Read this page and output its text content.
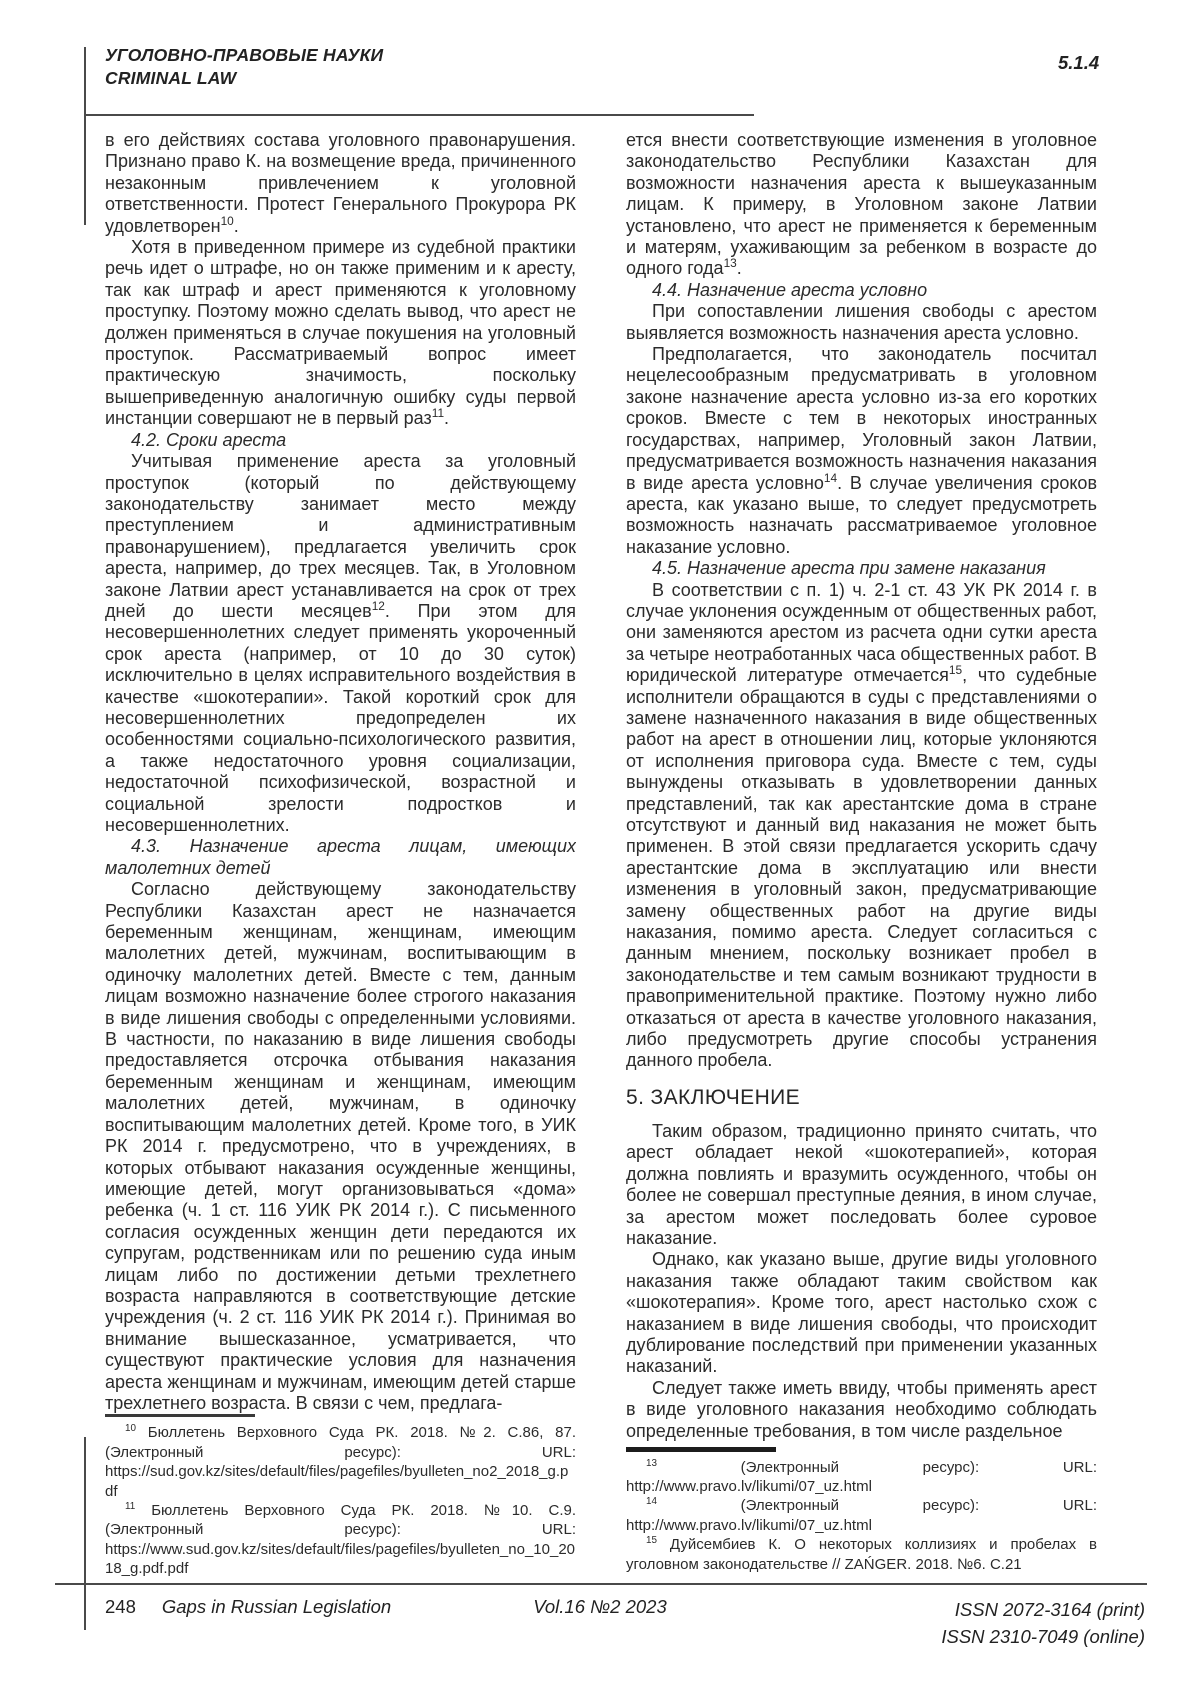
УГОЛОВНО-ПРАВОВЫЕ НАУКИ
CRIMINAL LAW
5.1.4

в его действиях состава уголовного правонарушения. Признано право К. на возмещение вреда, причиненного незаконным привлечением к уголовной ответственности. Протест Генерального Прокурора РК удовлетворен$^{10}$.

Хотя в приведенном примере из судебной практики речь идет о штрафе, но он также применим и к аресту, так как штраф и арест применяются к уголовному проступку. Поэтому можно сделать вывод, что арест не должен применяться в случае покушения на уголовный проступок. Рассматриваемый вопрос имеет практическую значимость, поскольку вышеприведенную аналогичную ошибку суды первой инстанции совершают не в первый раз$^{11}$.

4.2. Сроки ареста

Учитывая применение ареста за уголовный проступок (который по действующему законодательству занимает место между преступлением и административным правонарушением), предлагается увеличить срок ареста, например, до трех месяцев. Так, в Уголовном законе Латвии арест устанавливается на срок от трех дней до шести месяцев$^{12}$. При этом для несовершеннолетних следует применять укороченный срок ареста (например, от 10 до 30 суток) исключительно в целях исправительного воздействия в качестве «шокотерапии». Такой короткий срок для несовершеннолетних предопределен их особенностями социально-психологического развития, а также недостаточного уровня социализации, недостаточной психофизической, возрастной и социальной зрелости подростков и несовершеннолетних.

4.3. Назначение ареста лицам, имеющих малолетних детей

Согласно действующему законодательству Республики Казахстан арест не назначается беременным женщинам, женщинам, имеющим малолетних детей, мужчинам, воспитывающим в одиночку малолетних детей. Вместе с тем, данным лицам возможно назначение более строгого наказания в виде лишения свободы с определенными условиями. В частности, по наказанию в виде лишения свободы предоставляется отсрочка отбывания наказания беременным женщинам и женщинам, имеющим малолетних детей, мужчинам, в одиночку воспитывающим малолетних детей. Кроме того, в УИК РК 2014 г. предусмотрено, что в учреждениях, в которых отбывают наказания осужденные женщины, имеющие детей, могут организовываться «дома» ребенка (ч. 1 ст. 116 УИК РК 2014 г.). С письменного согласия осужденных женщин дети передаются их супругам, родственникам или по решению суда иным лицам либо по достижении детьми трехлетнего возраста направляются в соответствующие детские учреждения (ч. 2 ст. 116 УИК РК 2014 г.). Принимая во внимание вышесказанное, усматривается, что существуют практические условия для назначения ареста женщинам и мужчинам, имеющим детей старше трехлетнего возраста. В связи с чем, предлага-

$^{10}$ Бюллетень Верховного Суда РК. 2018. №2. С.86, 87. (Электронный ресурс): URL: https://sud.gov.kz/sites/default/files/pagefiles/byulleten_no2_2018_g.pdf

$^{11}$ Бюллетень Верховного Суда РК. 2018. №10. С.9. (Электронный ресурс): URL: https://www.sud.gov.kz/sites/default/files/pagefiles/byulleten_no_10_2018_g.pdf.pdf

ется внести соответствующие изменения в уголовное законодательство Республики Казахстан для возможности назначения ареста к вышеуказанным лицам. К примеру, в Уголовном законе Латвии установлено, что арест не применяется к беременным и матерям, ухаживающим за ребенком в возрасте до одного года$^{13}$.

4.4. Назначение ареста условно

При сопоставлении лишения свободы с арестом выявляется возможность назначения ареста условно.

Предполагается, что законодатель посчитал нецелесообразным предусматривать в уголовном законе назначение ареста условно из-за его коротких сроков. Вместе с тем в некоторых иностранных государствах, например, Уголовный закон Латвии, предусматривается возможность назначения наказания в виде ареста условно$^{14}$. В случае увеличения сроков ареста, как указано выше, то следует предусмотреть возможность назначать рассматриваемое уголовное наказание условно.

4.5. Назначение ареста при замене наказания

В соответствии с п. 1) ч. 2-1 ст. 43 УК РК 2014 г. в случае уклонения осужденным от общественных работ, они заменяются арестом из расчета одни сутки ареста за четыре неотработанных часа общественных работ. В юридической литературе отмечается$^{15}$, что судебные исполнители обращаются в суды с представлениями о замене назначенного наказания в виде общественных работ на арест в отношении лиц, которые уклоняются от исполнения приговора суда. Вместе с тем, суды вынуждены отказывать в удовлетворении данных представлений, так как арестантские дома в стране отсутствуют и данный вид наказания не может быть применен. В этой связи предлагается ускорить сдачу арестантские дома в эксплуатацию или внести изменения в уголовный закон, предусматривающие замену общественных работ на другие виды наказания, помимо ареста. Следует согласиться с данным мнением, поскольку возникает пробел в законодательстве и тем самым возникают трудности в правоприменительной практике. Поэтому нужно либо отказаться от ареста в качестве уголовного наказания, либо предусмотреть другие способы устранения данного пробела.

5. ЗАКЛЮЧЕНИЕ

Таким образом, традиционно принято считать, что арест обладает некой «шокотерапией», которая должна повлиять и вразумить осужденного, чтобы он более не совершал преступные деяния, в ином случае, за арестом может последовать более суровое наказание.

Однако, как указано выше, другие виды уголовного наказания также обладают таким свойством как «шокотерапия». Кроме того, арест настолько схож с наказанием в виде лишения свободы, что происходит дублирование последствий при применении указанных наказаний.

Следует также иметь ввиду, чтобы применять арест в виде уголовного наказания необходимо соблюдать определенные требования, в том числе раздельное

$^{13}$ (Электронный ресурс): URL: http://www.pravo.lv/likumi/07_uz.html

$^{14}$ (Электронный ресурс): URL: http://www.pravo.lv/likumi/07_uz.html

$^{15}$ Дуйсембиев К. О некоторых коллизиях и пробелах в уголовном законодательстве // ZAŃGER. 2018. №6. С.21

248 Gaps in Russian Legislation	Vol.16 №2 2023	ISSN 2072-3164 (print)
ISSN 2310-7049 (online)
